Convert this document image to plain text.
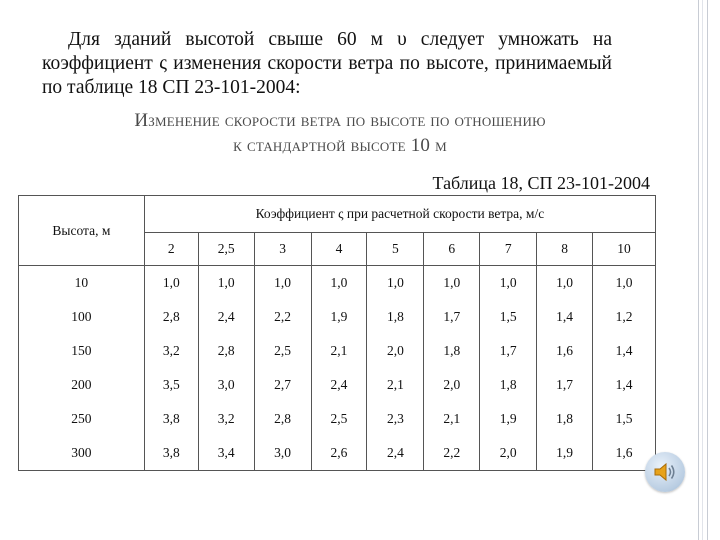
Для зданий высотой свыше 60 м υ следует умножать на коэффициент ς изменения скорости ветра по высоте, принимаемый по таблице 18 СП 23-101-2004:

Изменение скорости ветра по высоте по отношению
к стандартной высоте 10 м
Таблица 18, СП 23-101-2004
Высота, м	Коэффициент ς при расчетной скорости ветра, м/с								
	2	2,5	3	4	5	6	7	8	10
10	1,0	1,0	1,0	1,0	1,0	1,0	1,0	1,0	1,0
100	2,8	2,4	2,2	1,9	1,8	1,7	1,5	1,4	1,2
150	3,2	2,8	2,5	2,1	2,0	1,8	1,7	1,6	1,4
200	3,5	3,0	2,7	2,4	2,1	2,0	1,8	1,7	1,4
250	3,8	3,2	2,8	2,5	2,3	2,1	1,9	1,8	1,5
300	3,8	3,4	3,0	2,6	2,4	2,2	2,0	1,9	1,6
